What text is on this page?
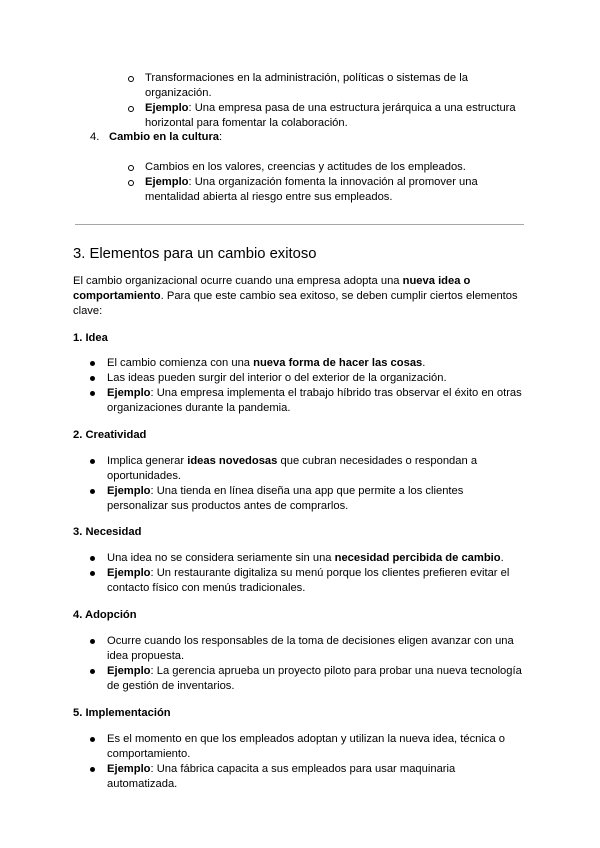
Transformaciones en la administración, políticas o sistemas de la organización.
Ejemplo: Una empresa pasa de una estructura jerárquica a una estructura horizontal para fomentar la colaboración.

4. Cambio en la cultura:

Cambios en los valores, creencias y actitudes de los empleados.
Ejemplo: Una organización fomenta la innovación al promover una mentalidad abierta al riesgo entre sus empleados.
3. Elementos para un cambio exitoso

El cambio organizacional ocurre cuando una empresa adopta una nueva idea o comportamiento. Para que este cambio sea exitoso, se deben cumplir ciertos elementos clave:

1. Idea
El cambio comienza con una nueva forma de hacer las cosas.
Las ideas pueden surgir del interior o del exterior de la organización.
Ejemplo: Una empresa implementa el trabajo híbrido tras observar el éxito en otras organizaciones durante la pandemia.
2. Creatividad
Implica generar ideas novedosas que cubran necesidades o respondan a oportunidades.
Ejemplo: Una tienda en línea diseña una app que permite a los clientes personalizar sus productos antes de comprarlos.
3. Necesidad
Una idea no se considera seriamente sin una necesidad percibida de cambio.
Ejemplo: Un restaurante digitaliza su menú porque los clientes prefieren evitar el contacto físico con menús tradicionales.
4. Adopción
Ocurre cuando los responsables de la toma de decisiones eligen avanzar con una idea propuesta.
Ejemplo: La gerencia aprueba un proyecto piloto para probar una nueva tecnología de gestión de inventarios.
5. Implementación
Es el momento en que los empleados adoptan y utilizan la nueva idea, técnica o comportamiento.
Ejemplo: Una fábrica capacita a sus empleados para usar maquinaria automatizada.
